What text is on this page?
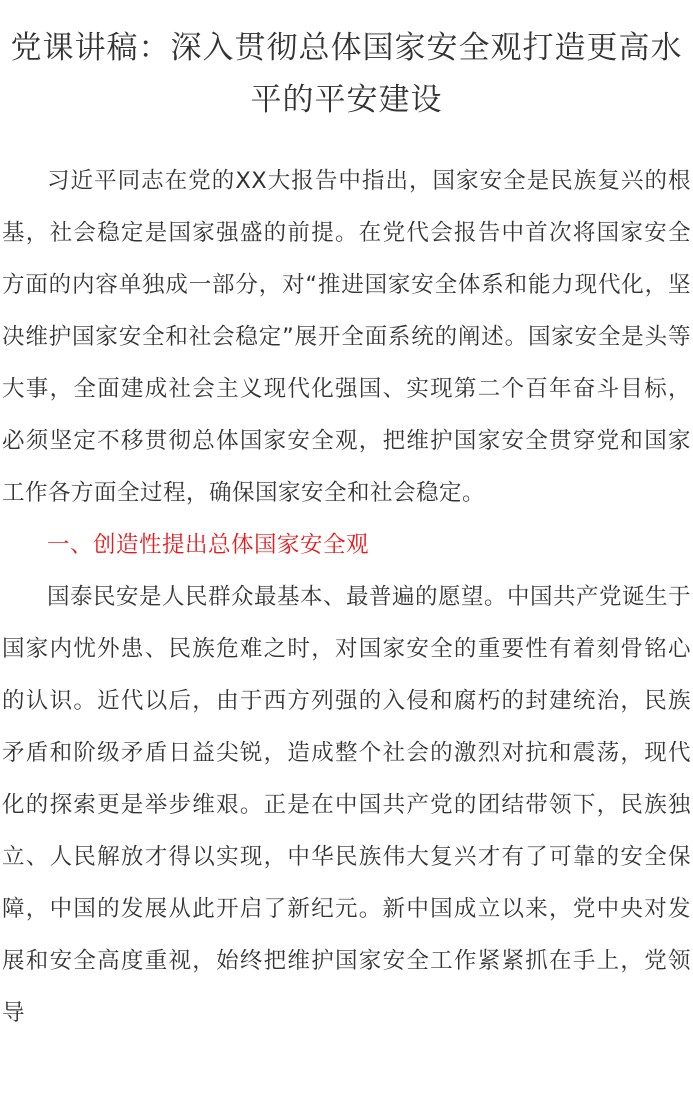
党课讲稿：深入贯彻总体国家安全观打造更高水平的平安建设

习近平同志在党的XX大报告中指出，国家安全是民族复兴的根基，社会稳定是国家强盛的前提。在党代会报告中首次将国家安全方面的内容单独成一部分，对“推进国家安全体系和能力现代化，坚决维护国家安全和社会稳定”展开全面系统的阐述。国家安全是头等大事，全面建成社会主义现代化强国、实现第二个百年奋斗目标，必须坚定不移贯彻总体国家安全观，把维护国家安全贯穿党和国家工作各方面全过程，确保国家安全和社会稳定。

一、创造性提出总体国家安全观

国泰民安是人民群众最基本、最普遍的愿望。中国共产党诞生于国家内忧外患、民族危难之时，对国家安全的重要性有着刻骨铭心的认识。近代以后，由于西方列强的入侵和腐朽的封建统治，民族矛盾和阶级矛盾日益尖锐，造成整个社会的激烈对抗和震荡，现代化的探索更是举步维艰。正是在中国共产党的团结带领下，民族独立、人民解放才得以实现，中华民族伟大复兴才有了可靠的安全保障，中国的发展从此开启了新纪元。新中国成立以来，党中央对发展和安全高度重视，始终把维护国家安全工作紧紧抓在手上，党领导
